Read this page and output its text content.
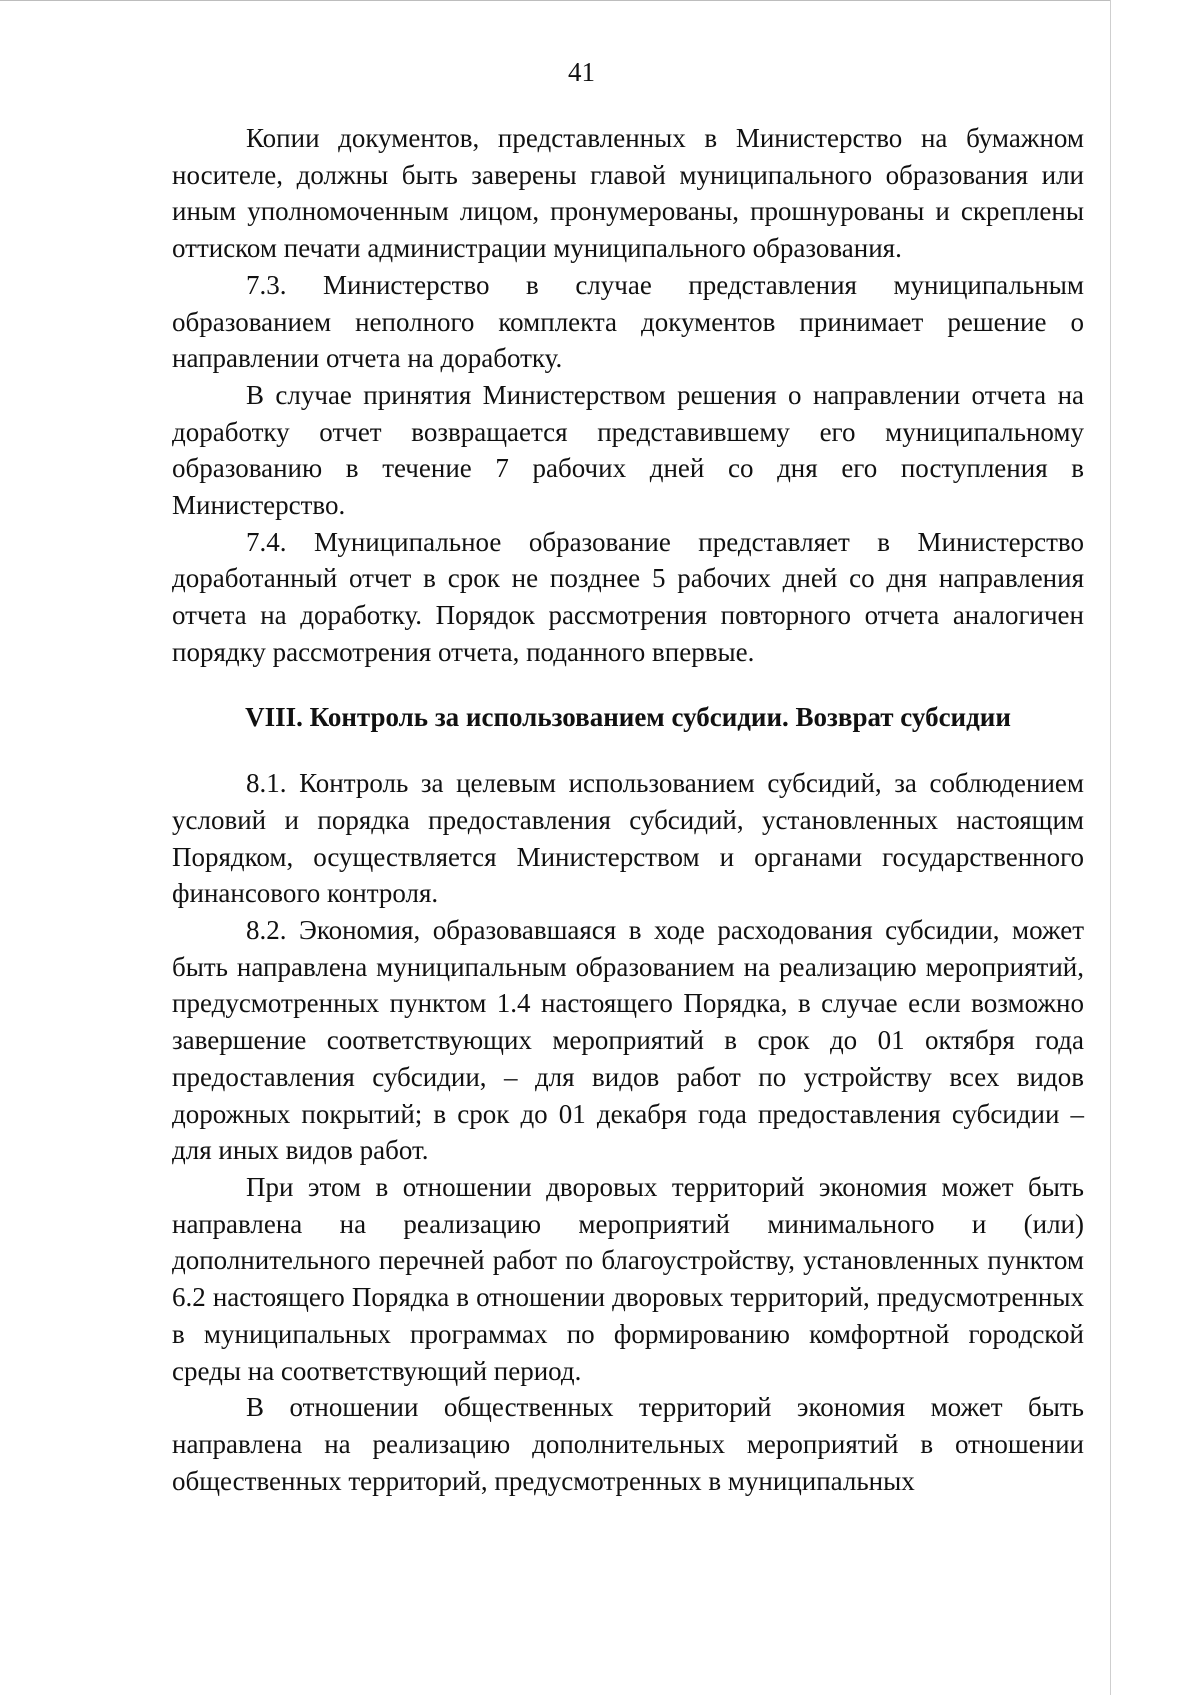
41

Копии документов, представленных в Министерство на бумажном носителе, должны быть заверены главой муниципального образования или иным уполномоченным лицом, пронумерованы, прошнурованы и скреплены оттиском печати администрации муниципального образования.

7.3. Министерство в случае представления муниципальным образованием неполного комплекта документов принимает решение о направлении отчета на доработку.

В случае принятия Министерством решения о направлении отчета на доработку отчет возвращается представившему его муниципальному образованию в течение 7 рабочих дней со дня его поступления в Министерство.

7.4. Муниципальное образование представляет в Министерство доработанный отчет в срок не позднее 5 рабочих дней со дня направления отчета на доработку. Порядок рассмотрения повторного отчета аналогичен порядку рассмотрения отчета, поданного впервые.

VIII. Контроль за использованием субсидии. Возврат субсидии

8.1. Контроль за целевым использованием субсидий, за соблюдением условий и порядка предоставления субсидий, установленных настоящим Порядком, осуществляется Министерством и органами государственного финансового контроля.

8.2. Экономия, образовавшаяся в ходе расходования субсидии, может быть направлена муниципальным образованием на реализацию мероприятий, предусмотренных пунктом 1.4 настоящего Порядка, в случае если возможно завершение соответствующих мероприятий в срок до 01 октября года предоставления субсидии, – для видов работ по устройству всех видов дорожных покрытий; в срок до 01 декабря года предоставления субсидии – для иных видов работ.

При этом в отношении дворовых территорий экономия может быть направлена на реализацию мероприятий минимального и (или) дополнительного перечней работ по благоустройству, установленных пунктом 6.2 настоящего Порядка в отношении дворовых территорий, предусмотренных в муниципальных программах по формированию комфортной городской среды на соответствующий период.

В отношении общественных территорий экономия может быть направлена на реализацию дополнительных мероприятий в отношении общественных территорий, предусмотренных в муниципальных
